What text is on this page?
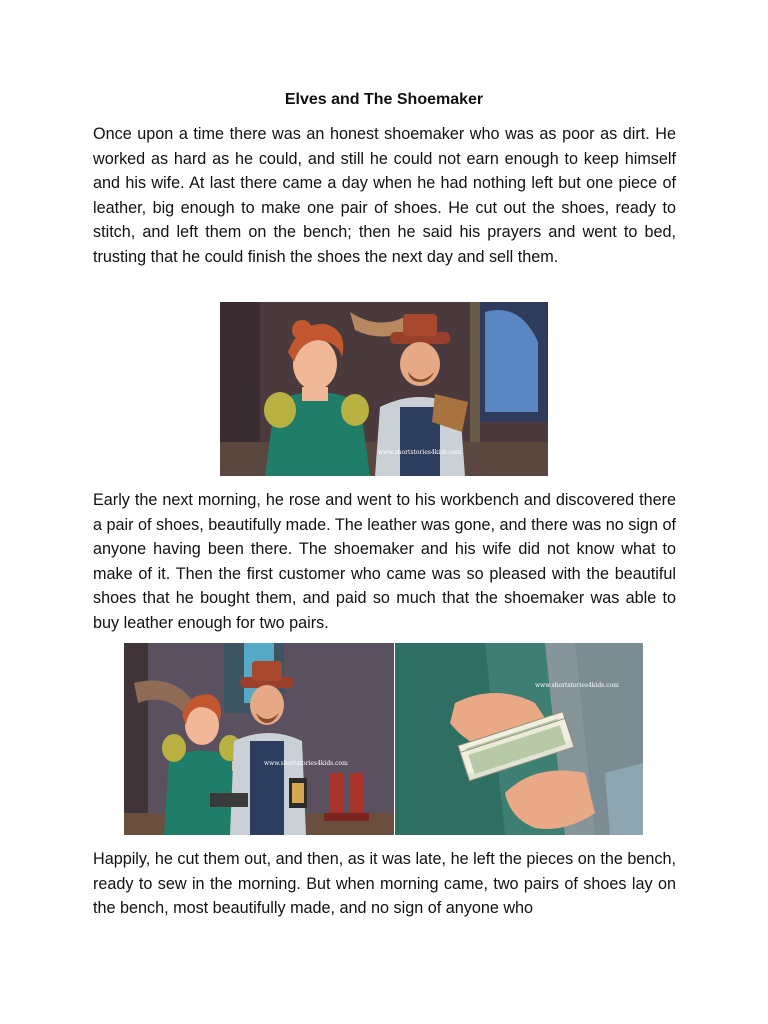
Elves and The Shoemaker

Once upon a time there was an honest shoemaker who was as poor as dirt. He worked as hard as he could, and still he could not earn enough to keep himself and his wife. At last there came a day when he had nothing left but one piece of leather, big enough to make one pair of shoes. He cut out the shoes, ready to stitch, and left them on the bench; then he said his prayers and went to bed, trusting that he could finish the shoes the next day and sell them.

www.shortstories4kids.com

Early the next morning, he rose and went to his workbench and discovered there a pair of shoes, beautifully made. The leather was gone, and there was no sign of anyone having been there. The shoemaker and his wife did not know what to make of it. Then the first customer who came was so pleased with the beautiful shoes that he bought them, and paid so much that the shoemaker was able to buy leather enough for two pairs.

www.shortstories4kids.com
www.shortstories4kids.com

Happily, he cut them out, and then, as it was late, he left the pieces on the bench, ready to sew in the morning. But when morning came, two pairs of shoes lay on the bench, most beautifully made, and no sign of anyone who
